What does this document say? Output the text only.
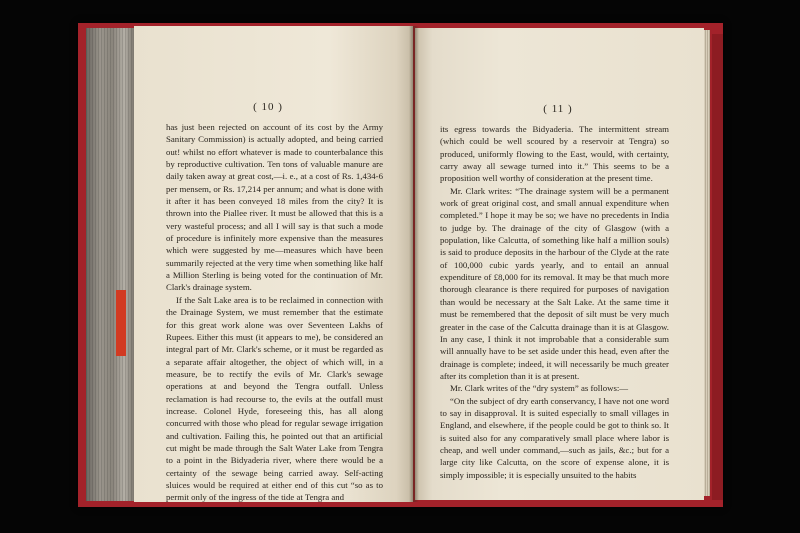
( 10 )

has just been rejected on account of its cost by the Army Sanitary Commission) is actually adopted, and being carried out! whilst no effort whatever is made to counterbalance this by reproductive cultivation. Ten tons of valuable manure are daily taken away at great cost,—i. e., at a cost of Rs. 1,434-6 per mensem, or Rs. 17,214 per annum; and what is done with it after it has been conveyed 18 miles from the city? It is thrown into the Piallee river. It must be allowed that this is a very wasteful process; and all I will say is that such a mode of procedure is infinitely more expensive than the measures which were suggested by me—measures which have been summarily rejected at the very time when something like half a Million Sterling is being voted for the continuation of Mr. Clark's drainage system.

If the Salt Lake area is to be reclaimed in connection with the Drainage System, we must remember that the estimate for this great work alone was over Seventeen Lakhs of Rupees. Either this must (it appears to me), be considered an integral part of Mr. Clark's scheme, or it must be regarded as a separate affair altogether, the object of which will, in a measure, be to rectify the evils of Mr. Clark's sewage operations at and beyond the Tengra outfall. Unless reclamation is had recourse to, the evils at the outfall must increase. Colonel Hyde, foreseeing this, has all along concurred with those who plead for regular sewage irrigation and cultivation. Failing this, he pointed out that an artificial cut might be made through the Salt Water Lake from Tengra to a point in the Bidyaderia river, where there would be a certainty of the sewage being carried away. Self-acting sluices would be required at either end of this cut “so as to permit only of the ingress of the tide at Tengra and

( 11 )

its egress towards the Bidyaderia. The intermittent stream (which could be well scoured by a reservoir at Tengra) so produced, uniformly flowing to the East, would, with certainty, carry away all sewage turned into it.” This seems to be a proposition well worthy of consideration at the present time.

Mr. Clark writes: “The drainage system will be a permanent work of great original cost, and small annual expenditure when completed.” I hope it may be so; we have no precedents in India to judge by. The drainage of the city of Glasgow (with a population, like Calcutta, of something like half a million souls) is said to produce deposits in the harbour of the Clyde at the rate of 100,000 cubic yards yearly, and to entail an annual expenditure of £8,000 for its removal. It may be that much more thorough clearance is there required for purposes of navigation than would be necessary at the Salt Lake. At the same time it must be remembered that the deposit of silt must be very much greater in the case of the Calcutta drainage than it is at Glasgow. In any case, I think it not improbable that a considerable sum will annually have to be set aside under this head, even after the drainage is complete; indeed, it will necessarily be much greater after its completion than it is at present.

Mr. Clark writes of the “dry system” as follows:—

“On the subject of dry earth conservancy, I have not one word to say in disapproval. It is suited especially to small villages in England, and elsewhere, if the people could be got to think so. It is suited also for any comparatively small place where labor is cheap, and well under command,—such as jails, &c.; but for a large city like Calcutta, on the score of expense alone, it is simply impossible; it is especially unsuited to the habits
